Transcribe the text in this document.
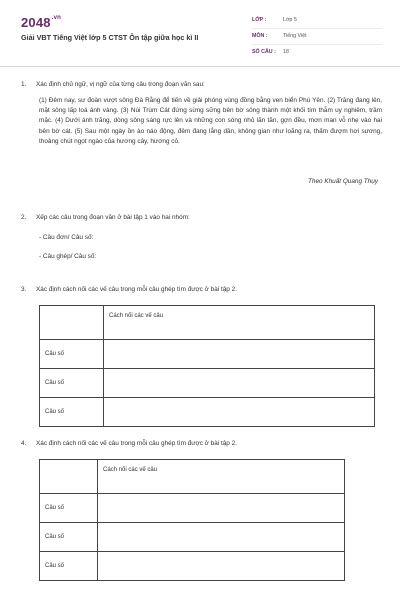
$2048^{.vn}$
Giải VBT Tiếng Việt lớp 5 CTST Ôn tập giữa học kì II
LỚP :	Lớp 5
MÔN :	Tiếng Việt
SỐ CÂU : 18
1. Xác định chủ ngữ, vị ngữ của từng câu trong đoạn văn sau:
(1) Đêm nay, sư đoàn vượt sông Đà Rằng để tiến về giải phóng vùng đồng bằng ven biển Phú Yên. (2) Trăng đang lên, mặt sông lấp loá ánh vàng. (3) Núi Trùm Cát đứng sừng sững bên bờ sông thành một khối tím thẫm uy nghiêm, trầm mặc. (4) Dưới ánh trăng, dòng sông sáng rực lên và những con sóng nhỏ lăn tăn, gợn đều, mơn man vỗ nhẹ vào hai bên bờ cát. (5) Sau một ngày ồn ào náo động, đêm đang lắng dần, không gian như loãng ra, thấm đượm hơi sương, thoảng chút ngọt ngào của hương cây, hương cỏ.
Theo Khuất Quang Thụy
2. Xếp các câu trong đoạn văn ở bài tập 1 vào hai nhóm:
- Câu đơn/ Câu số:
- Câu ghép/ Câu số:
3. Xác định cách nối các vế câu trong mỗi câu ghép tìm được ở bài tập 2.
	Cách nối các vế câu
Câu số	
Câu số	
Câu số	
4. Xác định cách nối các vế câu trong mỗi câu ghép tìm được ở bài tập 2.
	Cách nối các vế câu
Câu số	
Câu số	
Câu số	
